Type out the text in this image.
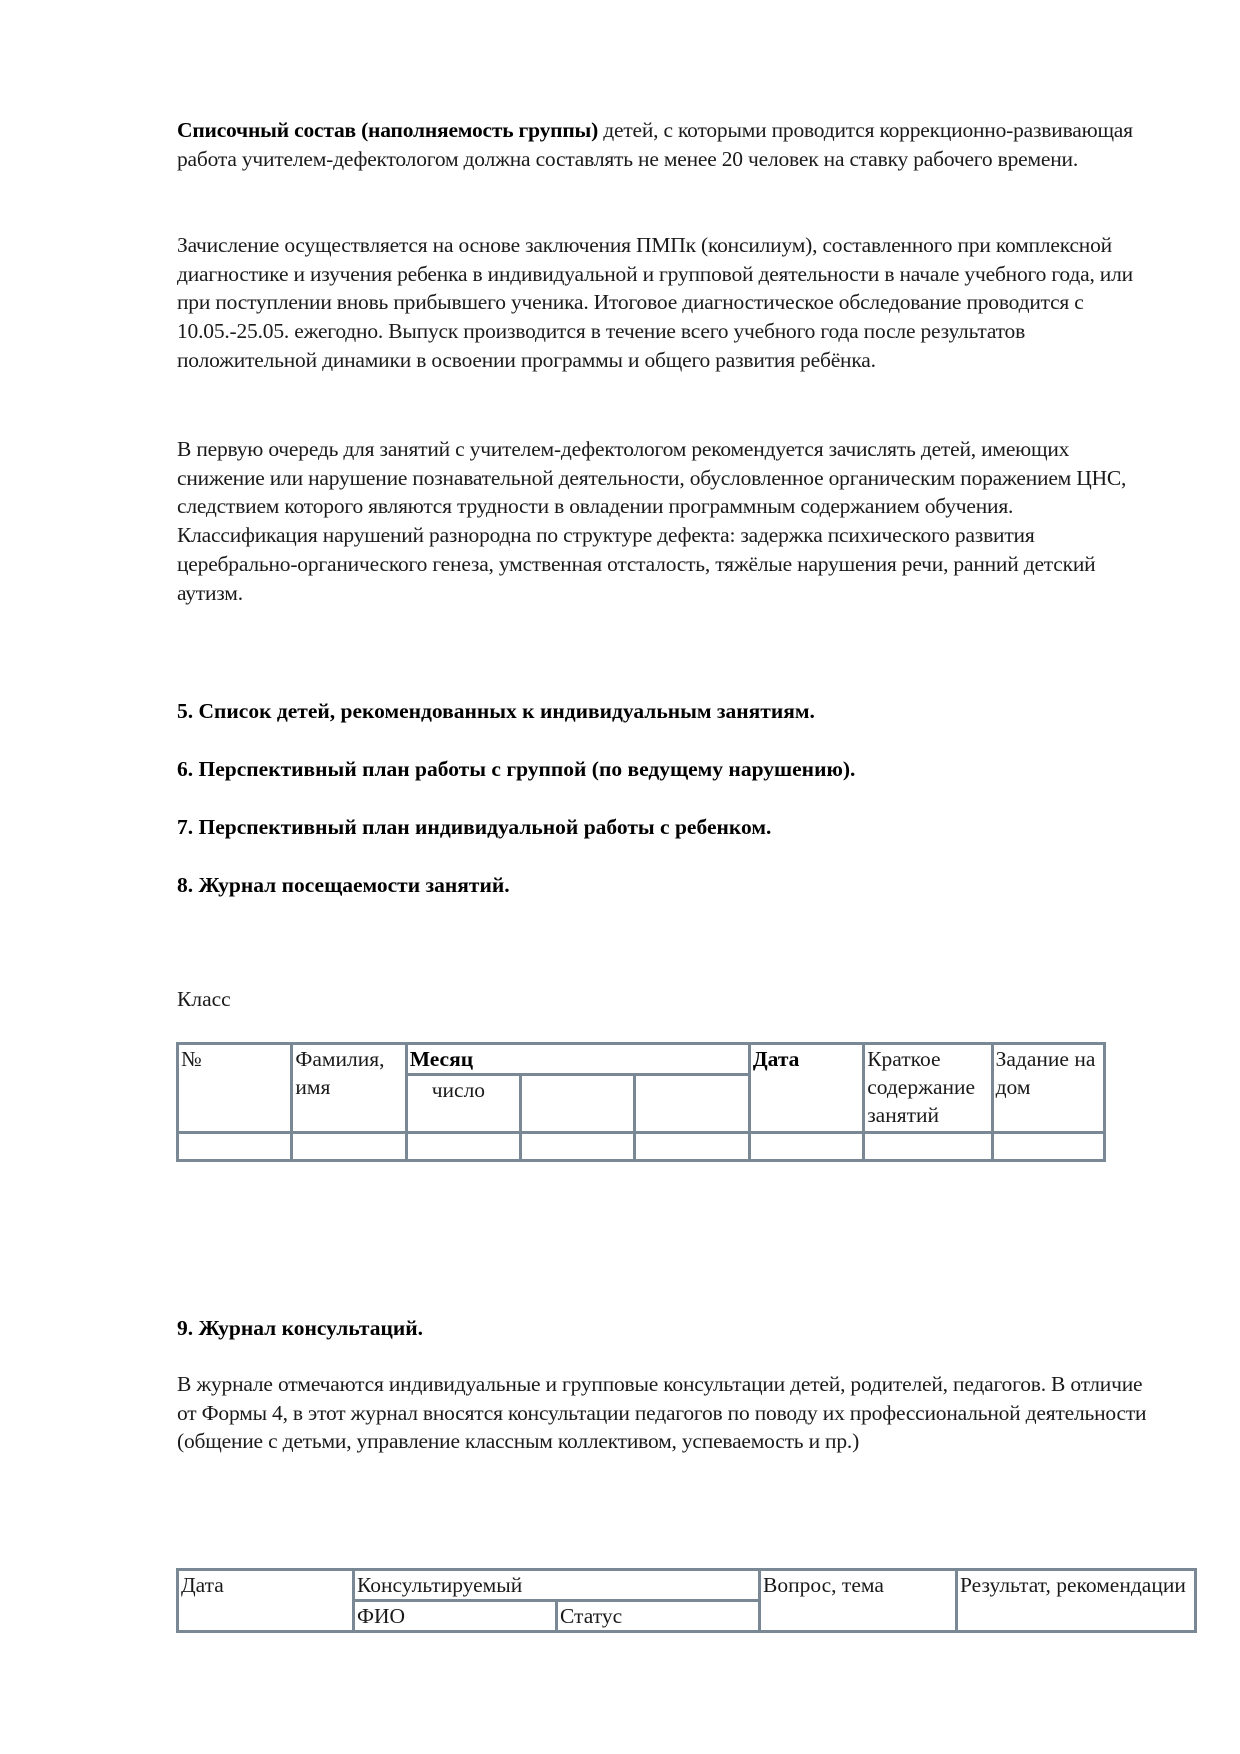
Списочный состав (наполняемость группы) детей, с которыми проводится коррекционно-развивающая работа учителем-дефектологом должна составлять не менее 20 человек на ставку рабочего времени.
Зачисление осуществляется на основе заключения ПМПк (консилиум), составленного при комплексной диагностике и изучения ребенка в индивидуальной и групповой деятельности в начале учебного года, или при поступлении вновь прибывшего ученика. Итоговое диагностическое обследование проводится с 10.05.-25.05. ежегодно. Выпуск производится в течение всего учебного года после результатов положительной динамики в освоении программы и общего развития ребёнка.
В первую очередь для занятий с учителем-дефектологом рекомендуется зачислять детей, имеющих снижение или нарушение познавательной деятельности, обусловленное органическим поражением ЦНС, следствием которого являются трудности в овладении программным содержанием обучения. Классификация нарушений разнородна по структуре дефекта: задержка психического развития церебрально-органического генеза, умственная отсталость, тяжёлые нарушения речи, ранний детский аутизм.
5. Список детей, рекомендованных к индивидуальным занятиям.
6. Перспективный план работы с группой (по ведущему нарушению).
7. Перспективный план индивидуальной работы с ребенком.
8. Журнал посещаемости занятий.
Класс
№	Фамилия, имя	Месяц			Дата	Краткое содержание занятий	Задание на дом
		число					

9. Журнал консультаций.
В журнале отмечаются индивидуальные и групповые консультации детей, родителей, педагогов. В отличие от Формы 4, в этот журнал вносятся консультации педагогов по поводу их профессиональной деятельности (общение с детьми, управление классным коллективом, успеваемость и пр.)
Дата	Консультируемый		Вопрос, тема	Результат, рекомендации
	ФИО	Статус		
